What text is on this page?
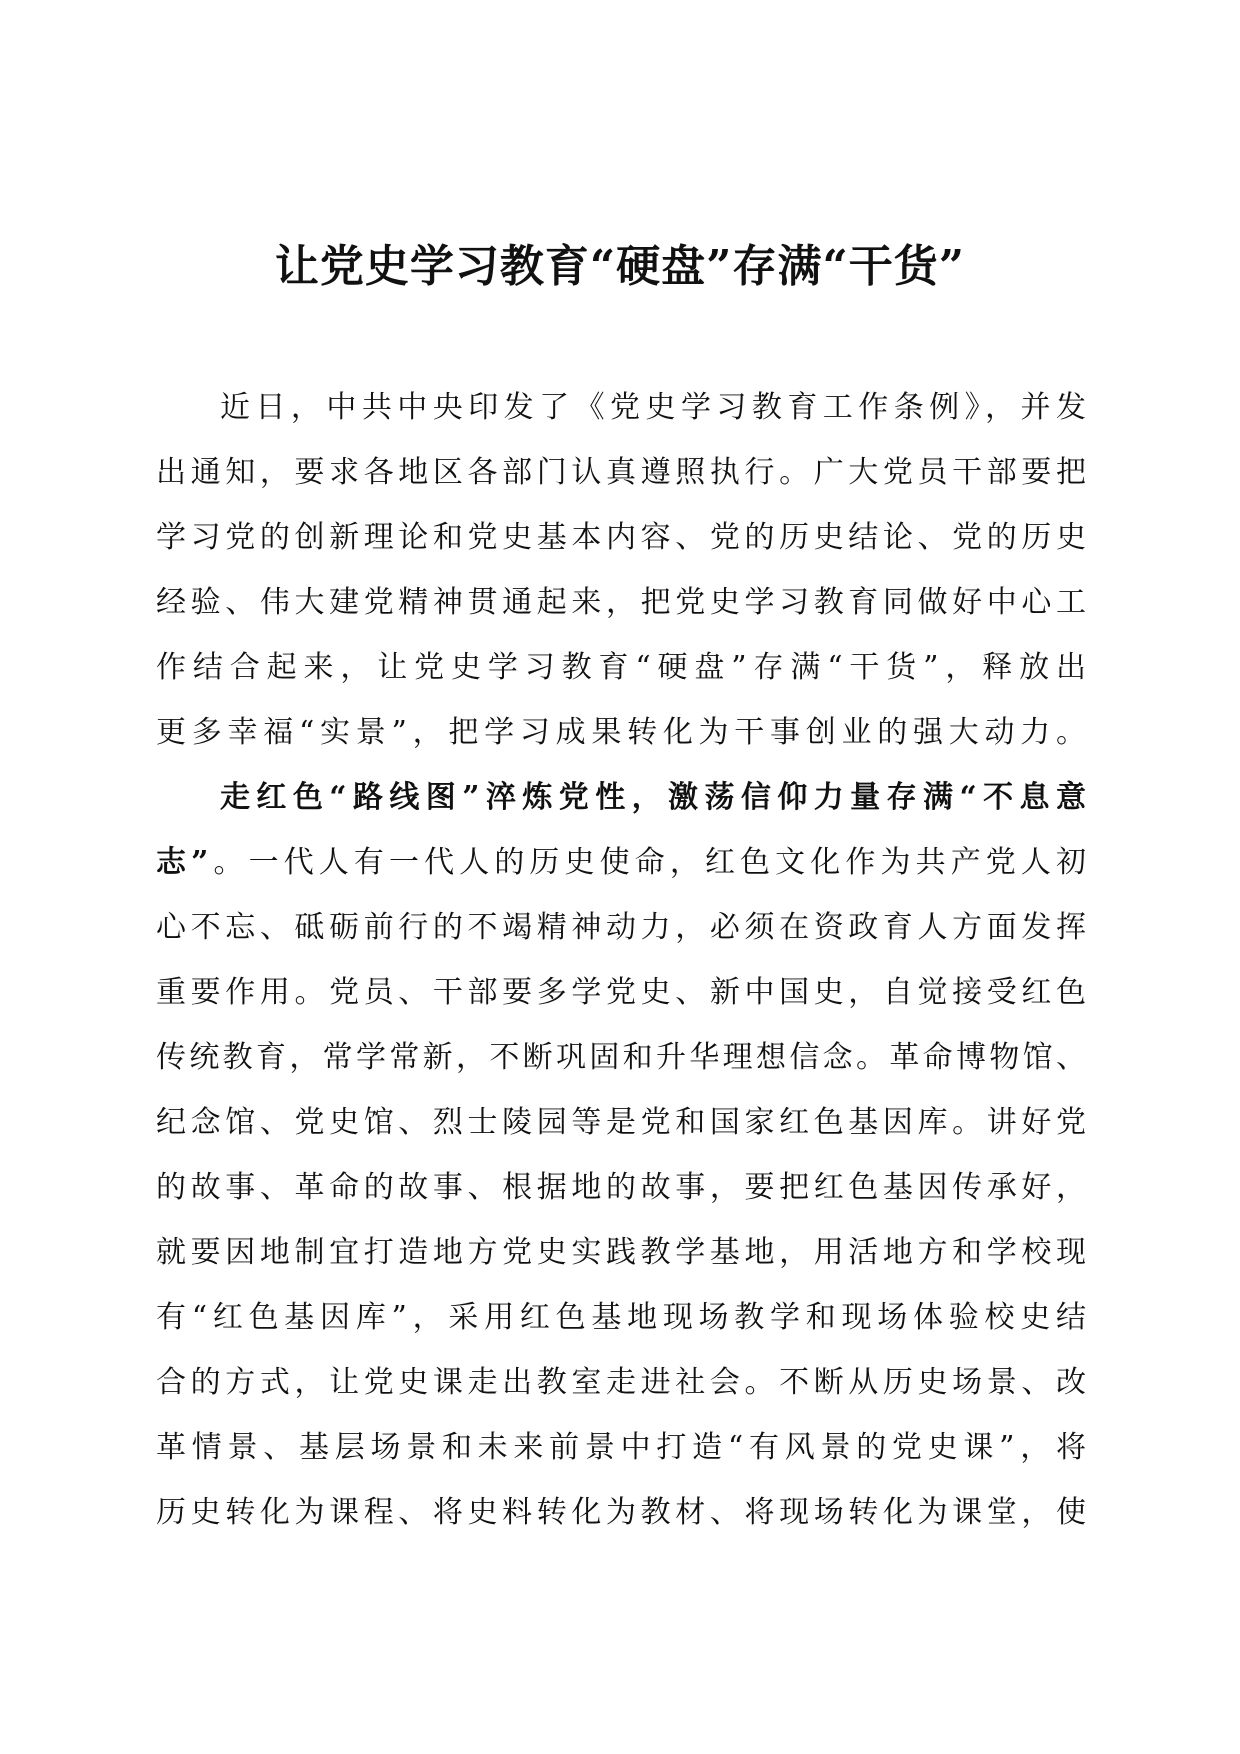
让党史学习教育“硬盘”存满“干货”
近日，中共中央印发了《党史学习教育工作条例》，并发
出通知，要求各地区各部门认真遵照执行。广大党员干部要把
学习党的创新理论和党史基本内容、党的历史结论、党的历史
经验、伟大建党精神贯通起来，把党史学习教育同做好中心工
作结合起来，让党史学习教育“硬盘”存满“干货”，释放出
更多幸福“实景”，把学习成果转化为干事创业的强大动力。
走红色“路线图”淬炼党性，激荡信仰力量存满“不息意
志”。一代人有一代人的历史使命，红色文化作为共产党人初
心不忘、砥砺前行的不竭精神动力，必须在资政育人方面发挥
重要作用。党员、干部要多学党史、新中国史，自觉接受红色
传统教育，常学常新，不断巩固和升华理想信念。革命博物馆、
纪念馆、党史馆、烈士陵园等是党和国家红色基因库。讲好党
的故事、革命的故事、根据地的故事，要把红色基因传承好，
就要因地制宜打造地方党史实践教学基地，用活地方和学校现
有“红色基因库”，采用红色基地现场教学和现场体验校史结
合的方式，让党史课走出教室走进社会。不断从历史场景、改
革情景、基层场景和未来前景中打造“有风景的党史课”，将
历史转化为课程、将史料转化为教材、将现场转化为课堂，使
